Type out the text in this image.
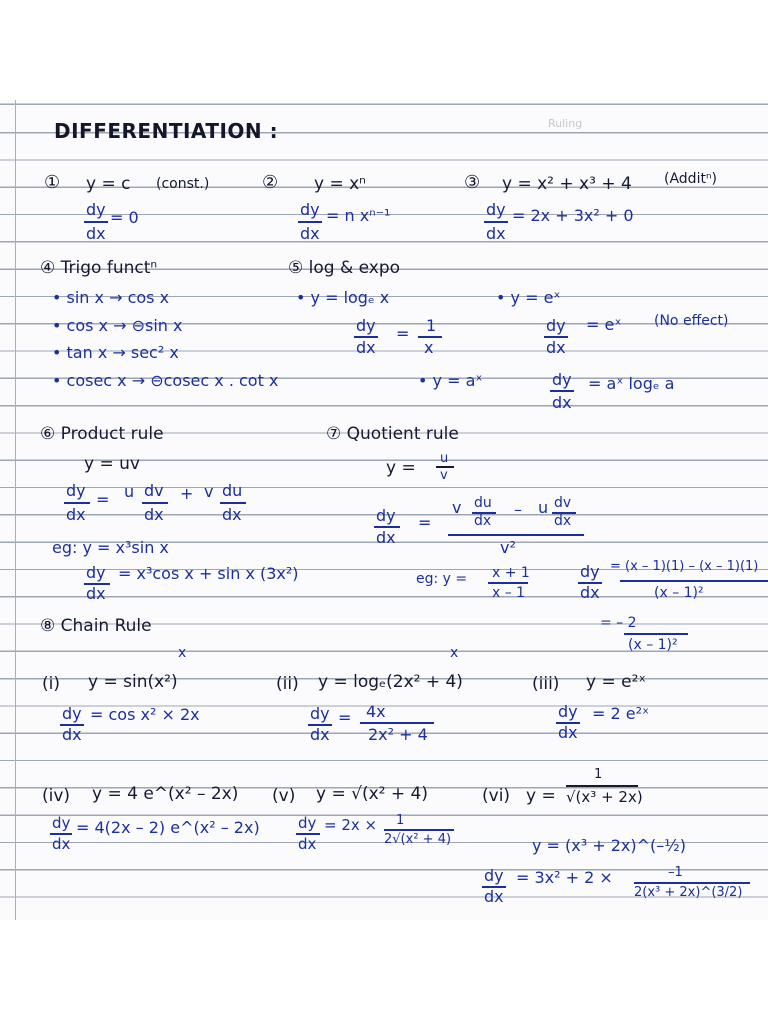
DIFFERENTIATION :	Ruling
① y = c (const.)
dy
dx
= 0
② y = xⁿ
dy
dx
= n xⁿ⁻¹
③ y = x² + x³ + 4 (Additⁿ)
dy
dx
= 2x + 3x² + 0
④ Trigo functⁿ
• sin x → cos x
• cos x → ⊖sin x
• tan x → sec² x
• cosec x → ⊖cosec x . cot x
⑤ log & expo
• y = logₑ x
dy
dx
= 1
x
• y = eˣ
dy
dx
= eˣ (No effect)
• y = aˣ	dy
dx
= aˣ logₑ a
⑥ Product rule
y = uv
dy
dx
= u dv
dx
+ v du
dx
eg: y = x³sin x
dy
dx
= x³cos x + sin x (3x²)
⑦ Quotient rule
y = u
v
dy
dx
=
v du
dx
– u dv
dx
v²
eg: y = x + 1
x – 1
dy
dx
= (x – 1)(1) – (x – 1)(1)
(x – 1)²
= – 2
(x – 1)²
⑧ Chain Rule
x
(i) y = sin(x²)
dy
dx
= cos x² × 2x
x
(ii) y = logₑ(2x² + 4)
dy
dx
= 4x
2x² + 4
(iii) y = e²ˣ
dy
dx
= 2 e²ˣ
(iv) y = 4 e^(x² – 2x)
dy
dx
= 4(2x – 2) e^(x² – 2x)
(v) y = √(x² + 4)
dy
dx
= 2x × 1
2√(x² + 4)
(vi) y =
1
√(x³ + 2x)
y = (x³ + 2x)^(–½)
dy
dx
= 3x² + 2 ×	–1
2(x³ + 2x)^(3/2)
